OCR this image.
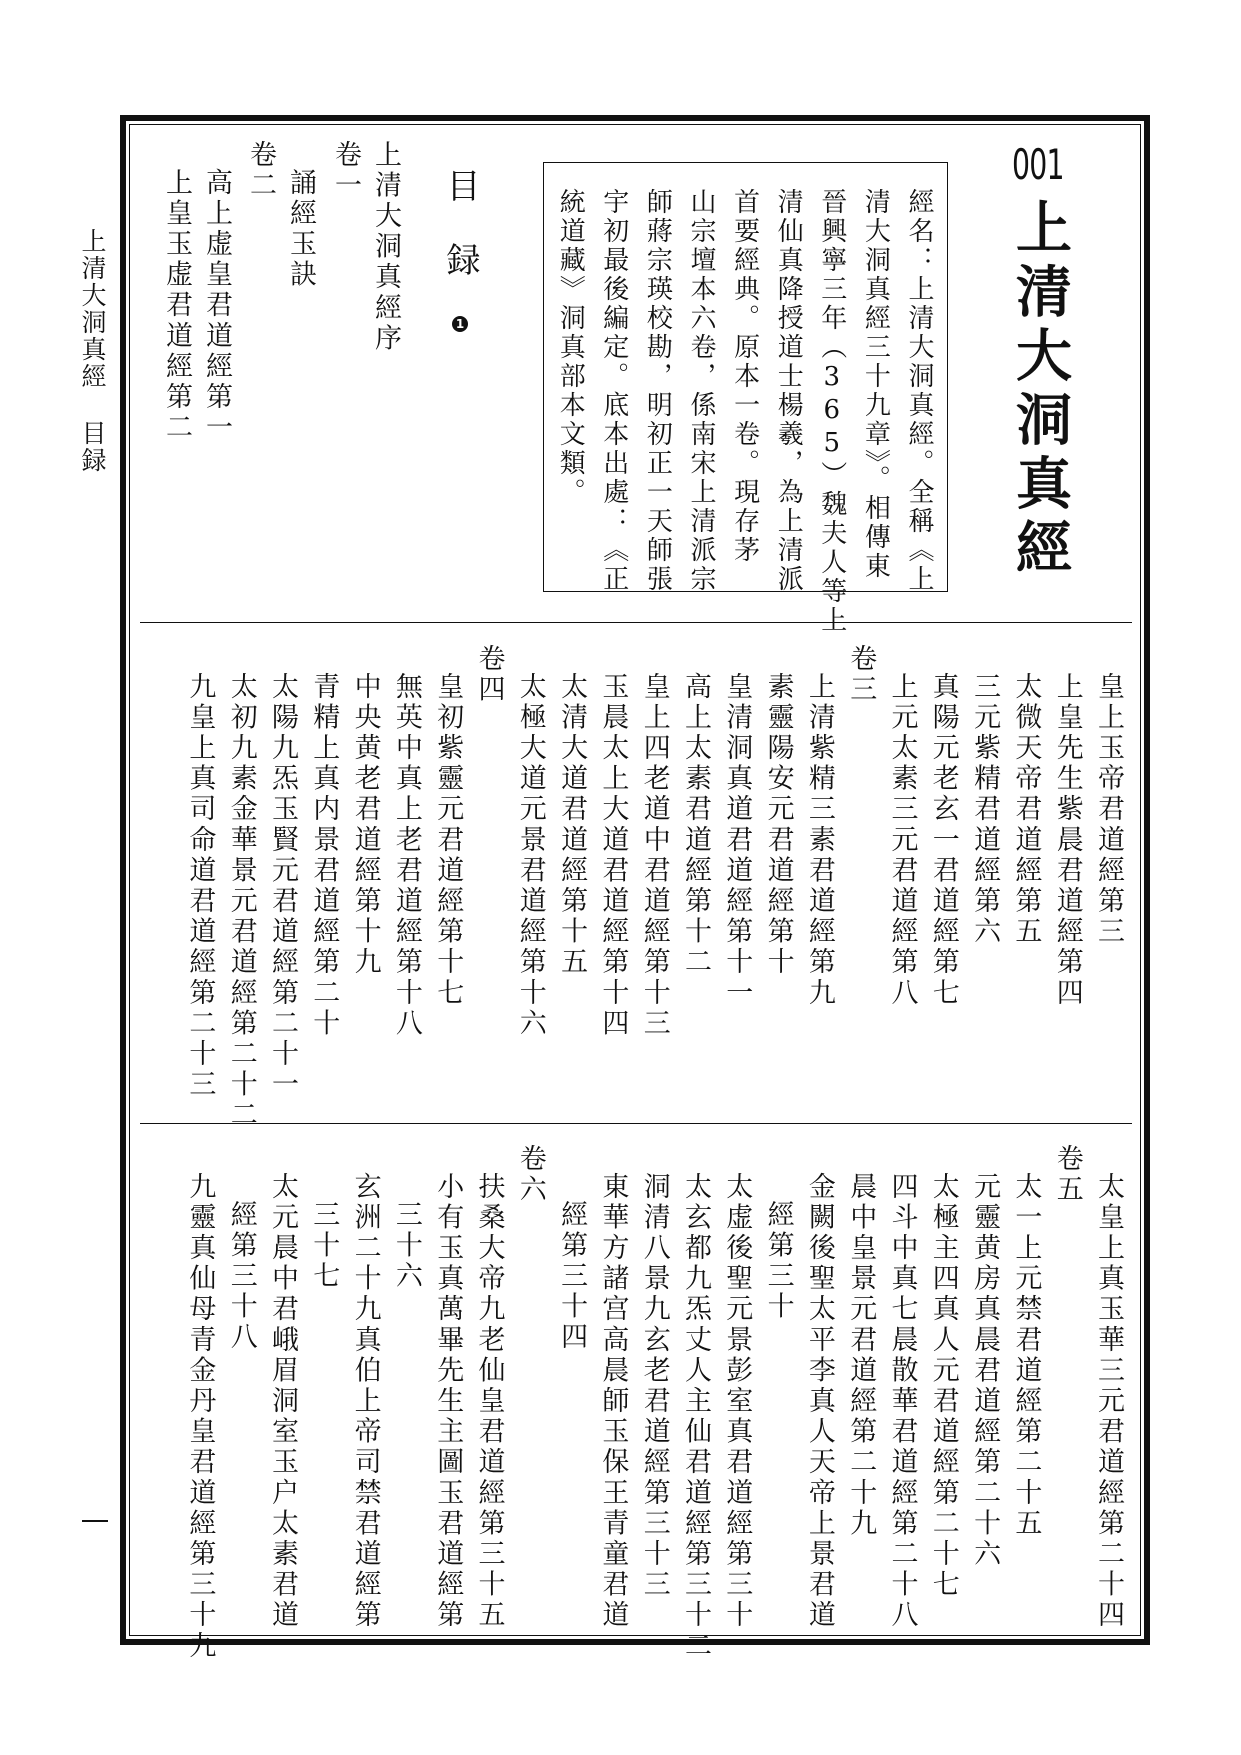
上清大洞真經目録
001
上清大洞真經
經名：上清大洞真經。全稱《上
清大洞真經三十九章》。相傳東
晉興寧三年（365）魏夫人等上
清仙真降授道士楊羲，為上清派
首要經典。原本一卷。現存茅
山宗壇本六卷，係南宋上清派宗
師蔣宗瑛校勘，明初正一天師張
宇初最後編定。底本出處：《正
統道藏》洞真部本文類。
目録1
上清大洞真經序
卷一
誦經玉訣
卷二
高上虚皇君道經第一
上皇玉虚君道經第二
皇上玉帝君道經第三
上皇先生紫晨君道經第四
太微天帝君道經第五
三元紫精君道經第六
真陽元老玄一君道經第七
上元太素三元君道經第八
卷三
上清紫精三素君道經第九
素靈陽安元君道經第十
皇清洞真道君道經第十一
高上太素君道經第十二
皇上四老道中君道經第十三
玉晨太上大道君道經第十四
太清大道君道經第十五
太極大道元景君道經第十六
卷四
皇初紫靈元君道經第十七
無英中真上老君道經第十八
中央黄老君道經第十九
青精上真内景君道經第二十
太陽九炁玉賢元君道經第二十一
太初九素金華景元君道經第二十二
九皇上真司命道君道經第二十三
太皇上真玉華三元君道經第二十四
卷五
太一上元禁君道經第二十五
元靈黄房真晨君道經第二十六
太極主四真人元君道經第二十七
四斗中真七晨散華君道經第二十八
晨中皇景元君道經第二十九
金闕後聖太平李真人天帝上景君道
經第三十
太虚後聖元景彭室真君道經第三十一
太玄都九炁丈人主仙君道經第三十二
洞清八景九玄老君道經第三十三
東華方諸宫高晨師玉保王青童君道
經第三十四
卷六
扶桑大帝九老仙皇君道經第三十五
小有玉真萬畢先生主圖玉君道經第
三十六
玄洲二十九真伯上帝司禁君道經第
三十七
太元晨中君峨眉洞室玉户太素君道
經第三十八
九靈真仙母青金丹皇君道經第三十九
